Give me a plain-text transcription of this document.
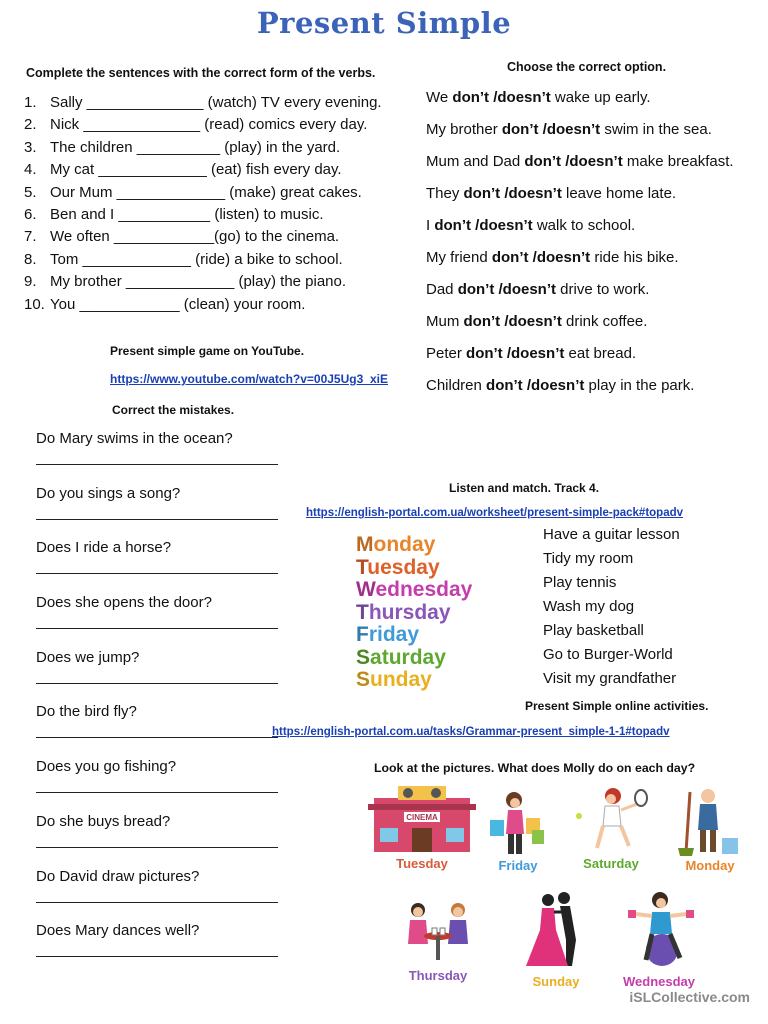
Present Simple
Complete the sentences with the correct form of the verbs.
1. Sally ______________ (watch) TV every evening.
2. Nick ______________ (read) comics every day.
3. The children __________ (play) in the yard.
4. My cat _____________ (eat) fish every day.
5. Our Mum _____________ (make) great cakes.
6. Ben and I ___________ (listen) to music.
7. We often ____________(go) to the cinema.
8. Tom _____________ (ride) a bike to school.
9. My brother _____________ (play) the piano.
10. You ____________ (clean) your room.
Choose the correct option.
We don’t /doesn’t wake up early.
My brother don’t /doesn’t swim in the sea.
Mum and Dad don’t /doesn’t make breakfast.
They don’t /doesn’t leave home late.
I don’t /doesn’t walk to school.
My friend don’t /doesn’t ride his bike.
Dad don’t /doesn’t drive to work.
Mum don’t /doesn’t drink coffee.
Peter don’t /doesn’t eat bread.
Children don’t /doesn’t play in the park.
Present simple game on YouTube.
https://www.youtube.com/watch?v=00J5Ug3_xiE
Correct the mistakes.
Do Mary swims in the ocean?
Do you sings a song?
Does I ride a horse?
Does she opens the door?
Does we jump?
Do the bird fly?
Does you go fishing?
Do she buys bread?
Do David draw pictures?
Does Mary dances well?
Listen and match. Track 4.
https://english-portal.com.ua/worksheet/present-simple-pack#topadv
Monday
Tuesday
Wednesday
Thursday
Friday
Saturday
Sunday
Have a guitar lesson
Tidy my room
Play tennis
Wash my dog
Play basketball
Go to Burger-World
Visit my grandfather
Present Simple online activities.
https://english-portal.com.ua/tasks/Grammar-present_simple-1-1#topadv
Look at the pictures. What does Molly do on each day?
CINEMA
Tuesday	Friday	Saturday	Monday
Thursday	Sunday	Wednesday
iSLCollective.com
